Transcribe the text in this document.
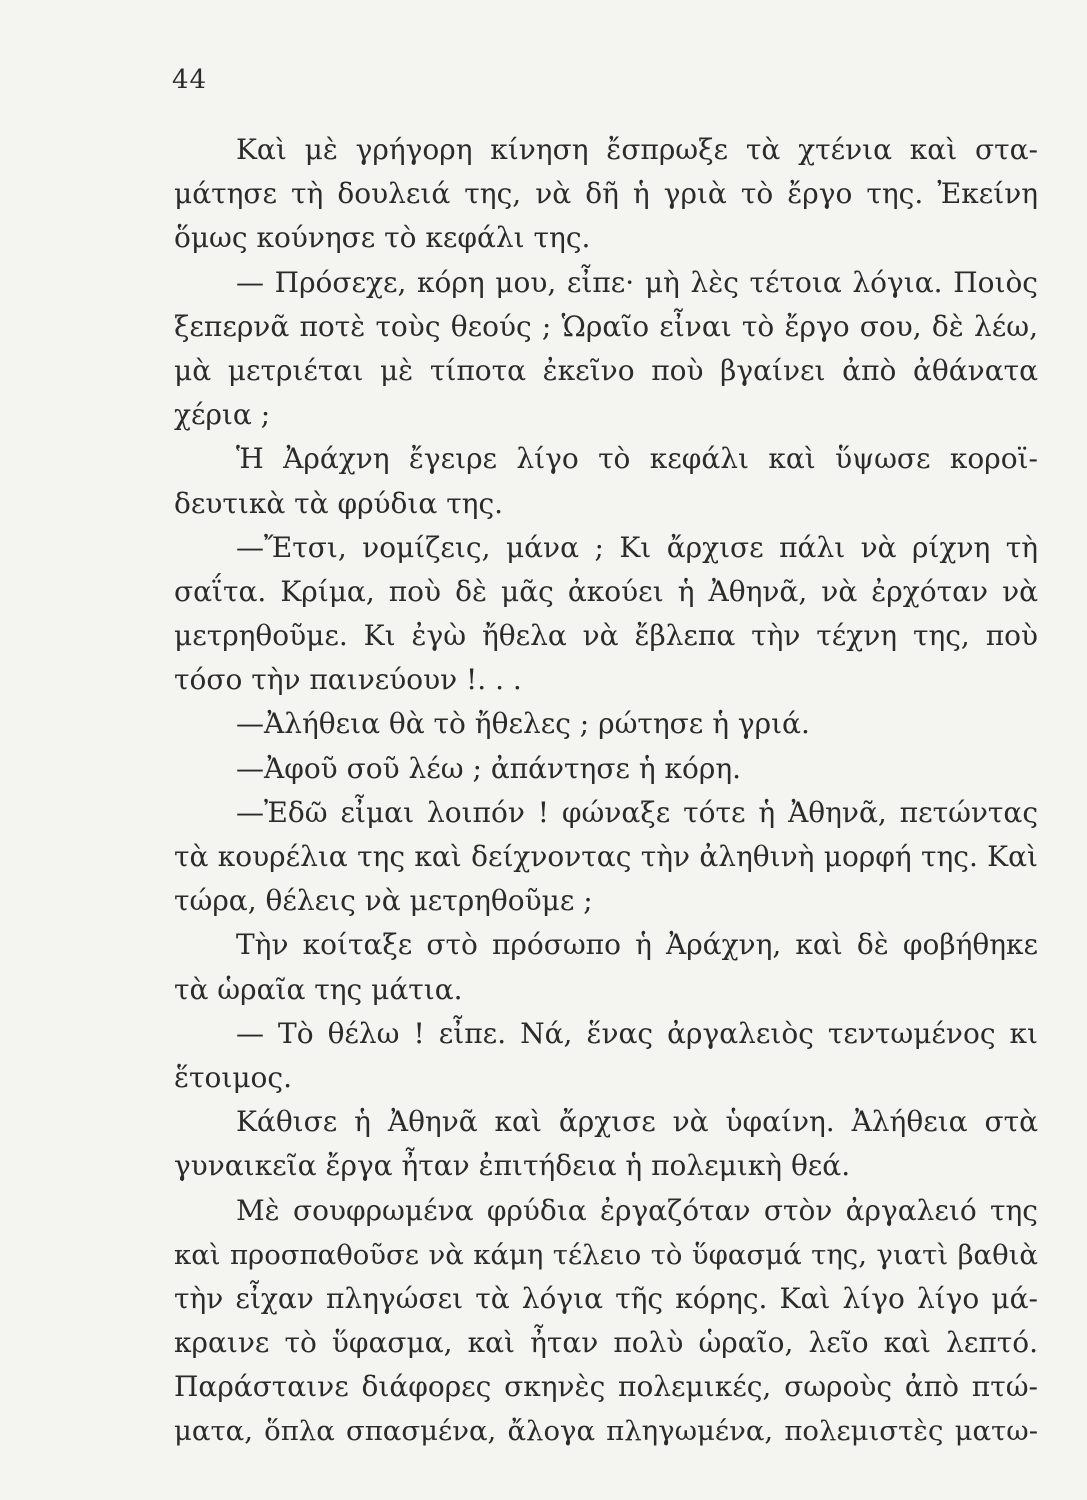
44
Καὶ μὲ γρήγορη κίνηση ἔσπρωξε τὰ χτένια καὶ στα-
μάτησε τὴ δουλειά της, νὰ δῆ ἡ γριὰ τὸ ἔργο της. Ἐκείνη
ὅμως κούνησε τὸ κεφάλι της.
— Πρόσεχε, κόρη μου, εἶπε· μὴ λὲς τέτοια λόγια. Ποιὸς
ξεπερνᾶ ποτὲ τοὺς θεούς ; Ὡραῖο εἶναι τὸ ἔργο σου, δὲ λέω,
μὰ μετριέται μὲ τίποτα ἐκεῖνο ποὺ βγαίνει ἀπὸ ἀθάνατα
χέρια ;
Ἡ Ἀράχνη ἔγειρε λίγο τὸ κεφάλι καὶ ὕψωσε κοροϊ-
δευτικὰ τὰ φρύδια της.
—Ἔτσι, νομίζεις, μάνα ; Κι ἄρχισε πάλι νὰ ρίχνη τὴ
σαΐτα. Κρίμα, ποὺ δὲ μᾶς ἀκούει ἡ Ἀθηνᾶ, νὰ ἐρχόταν νὰ
μετρηθοῦμε. Κι ἐγὼ ἤθελα νὰ ἔβλεπα τὴν τέχνη της, ποὺ
τόσο τὴν παινεύουν !. . .
—Ἀλήθεια θὰ τὸ ἤθελες ; ρώτησε ἡ γριά.
—Ἀφοῦ σοῦ λέω ; ἀπάντησε ἡ κόρη.
—Ἐδῶ εἶμαι λοιπόν ! φώναξε τότε ἡ Ἀθηνᾶ, πετώντας
τὰ κουρέλια της καὶ δείχνοντας τὴν ἀληθινὴ μορφή της. Καὶ
τώρα, θέλεις νὰ μετρηθοῦμε ;
Τὴν κοίταξε στὸ πρόσωπο ἡ Ἀράχνη, καὶ δὲ φοβήθηκε
τὰ ὡραῖα της μάτια.
— Τὸ θέλω ! εἶπε. Νά, ἕνας ἀργαλειὸς τεντωμένος κι
ἕτοιμος.
Κάθισε ἡ Ἀθηνᾶ καὶ ἄρχισε νὰ ὑφαίνη. Ἀλήθεια στὰ
γυναικεῖα ἔργα ἦταν ἐπιτήδεια ἡ πολεμικὴ θεά.
Μὲ σουφρωμένα φρύδια ἐργαζόταν στὸν ἀργαλειό της
καὶ προσπαθοῦσε νὰ κάμη τέλειο τὸ ὕφασμά της, γιατὶ βαθιὰ
τὴν εἶχαν πληγώσει τὰ λόγια τῆς κόρης. Καὶ λίγο λίγο μά-
κραινε τὸ ὕφασμα, καὶ ἦταν πολὺ ὡραῖο, λεῖο καὶ λεπτό.
Παράσταινε διάφορες σκηνὲς πολεμικές, σωροὺς ἀπὸ πτώ-
ματα, ὅπλα σπασμένα, ἄλογα πληγωμένα, πολεμιστὲς ματω-
